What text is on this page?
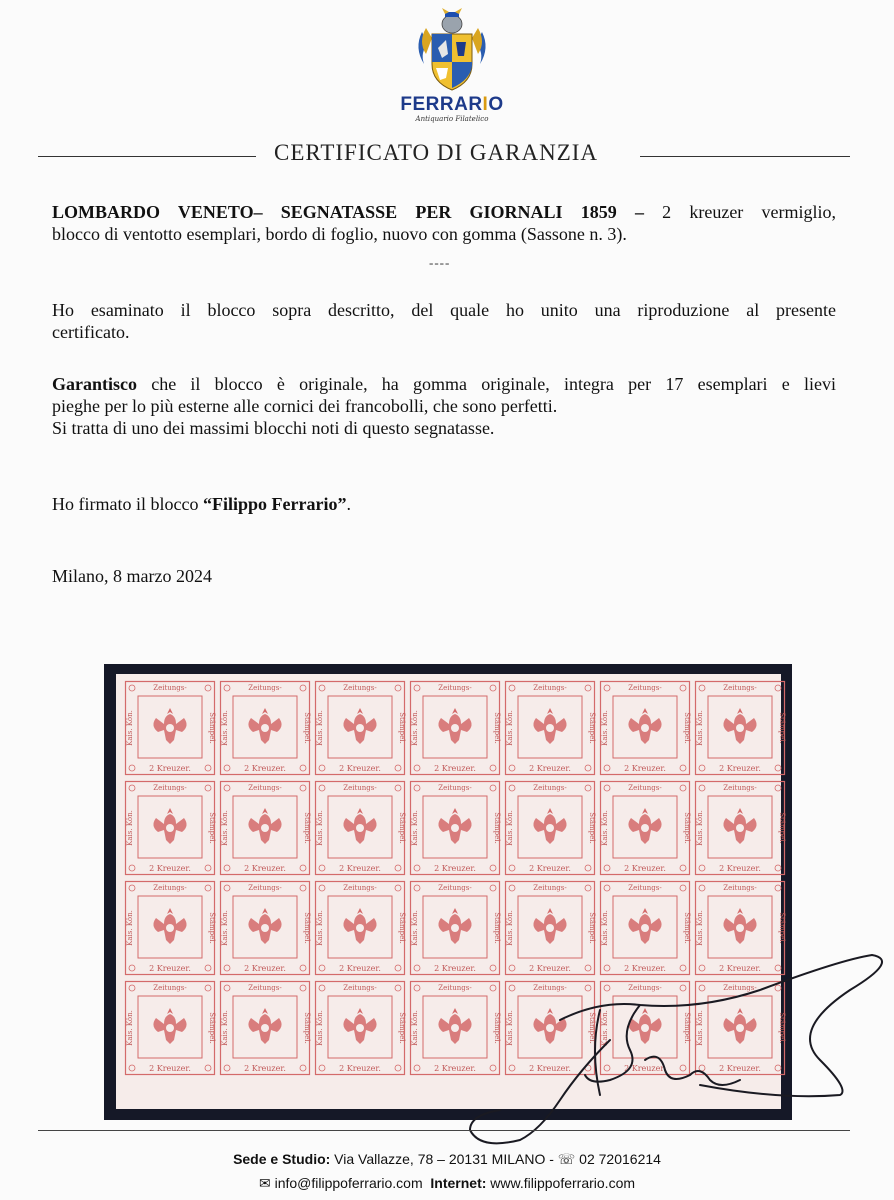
FERRARIO
Antiquario Filatelico
CERTIFICATO DI GARANZIA
LOMBARDO VENETO– SEGNATASSE PER GIORNALI 1859 – 2 kreuzer vermiglio,
blocco di ventotto esemplari, bordo di foglio, nuovo con gomma (Sassone n. 3).
----
Ho esaminato il blocco sopra descritto, del quale ho unito una riproduzione al presente
certificato.
Garantisco che il blocco è originale, ha gomma originale, integra per 17 esemplari e lievi
pieghe per lo più esterne alle cornici dei francobolli, che sono perfetti.
Si tratta di uno dei massimi blocchi noti di questo segnatasse.
Ho firmato il blocco “Filippo Ferrario”.
Milano, 8 marzo 2024
Zeitungs-
Kais. Kön.	Stämpel.
2 Kreuzer.
Zeitungs-
Kais. Kön.	Stämpel.
2 Kreuzer.
Zeitungs-
Kais. Kön.	Stämpel.
2 Kreuzer.
Zeitungs-
Kais. Kön.	Stämpel.
2 Kreuzer.
Zeitungs-
Kais. Kön.	Stämpel.
2 Kreuzer.
Zeitungs-
Kais. Kön.	Stämpel.
2 Kreuzer.
Zeitungs-
Kais. Kön.	Stämpel.
2 Kreuzer.
Zeitungs-
Kais. Kön.	Stämpel.
2 Kreuzer.
Zeitungs-
Kais. Kön.	Stämpel.
2 Kreuzer.
Zeitungs-
Kais. Kön.	Stämpel.
2 Kreuzer.
Zeitungs-
Kais. Kön.	Stämpel.
2 Kreuzer.
Zeitungs-
Kais. Kön.	Stämpel.
2 Kreuzer.
Zeitungs-
Kais. Kön.	Stämpel.
2 Kreuzer.
Zeitungs-
Kais. Kön.	Stämpel.
2 Kreuzer.
Zeitungs-
Kais. Kön.	Stämpel.
2 Kreuzer.
Zeitungs-
Kais. Kön.	Stämpel.
2 Kreuzer.
Zeitungs-
Kais. Kön.	Stämpel.
2 Kreuzer.
Zeitungs-
Kais. Kön.	Stämpel.
2 Kreuzer.
Zeitungs-
Kais. Kön.	Stämpel.
2 Kreuzer.
Zeitungs-
Kais. Kön.	Stämpel.
2 Kreuzer.
Zeitungs-
Kais. Kön.	Stämpel.
2 Kreuzer.
Zeitungs-
Kais. Kön.	Stämpel.
2 Kreuzer.
Zeitungs-
Kais. Kön.	Stämpel.
2 Kreuzer.
Zeitungs-
Kais. Kön.	Stämpel.
2 Kreuzer.
Zeitungs-
Kais. Kön.	Stämpel.
2 Kreuzer.
Zeitungs-
Kais. Kön.	Stämpel.
2 Kreuzer.
Zeitungs-
Kais. Kön.	Stämpel.
2 Kreuzer.
Zeitungs-
Kais. Kön.	Stämpel.
2 Kreuzer.
Sede e Studio: Via Vallazze, 78 – 20131 MILANO - ☏ 02 72016214
✉ info@filippoferrario.com Internet: www.filippoferrario.com
